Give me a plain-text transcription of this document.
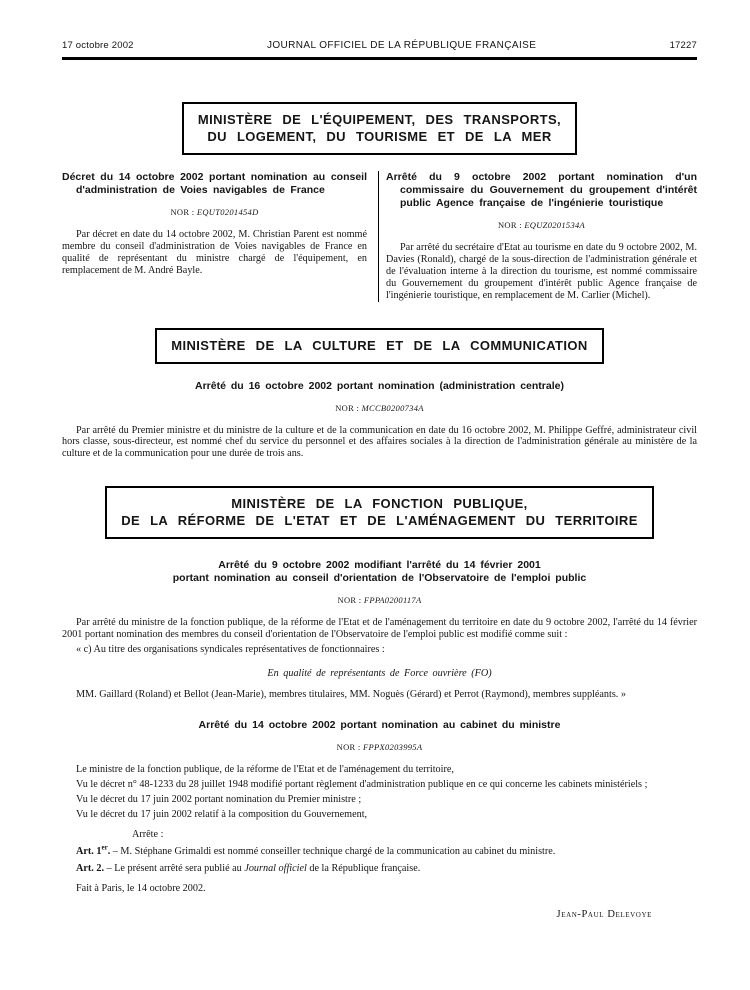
17 octobre 2002	JOURNAL OFFICIEL DE LA RÉPUBLIQUE FRANÇAISE	17227
MINISTÈRE DE L'ÉQUIPEMENT, DES TRANSPORTS,
DU LOGEMENT, DU TOURISME ET DE LA MER

Décret du 14 octobre 2002 portant nomination au conseil d'administration de Voies navigables de France

NOR : EQUT0201454D

Par décret en date du 14 octobre 2002, M. Christian Parent est nommé membre du conseil d'administration de Voies navigables de France en qualité de représentant du ministre chargé de l'équipement, en remplacement de M. André Bayle.

Arrêté du 9 octobre 2002 portant nomination d'un commissaire du Gouvernement du groupement d'intérêt public Agence française de l'ingénierie touristique

NOR : EQUZ0201534A

Par arrêté du secrétaire d'Etat au tourisme en date du 9 octobre 2002, M. Davies (Ronald), chargé de la sous-direction de l'administration générale et de l'évaluation interne à la direction du tourisme, est nommé commissaire du Gouvernement du groupement d'intérêt public Agence française de l'ingénierie touristique, en remplacement de M. Carlier (Michel).

MINISTÈRE DE LA CULTURE ET DE LA COMMUNICATION

Arrêté du 16 octobre 2002 portant nomination (administration centrale)

NOR : MCCB0200734A

Par arrêté du Premier ministre et du ministre de la culture et de la communication en date du 16 octobre 2002, M. Philippe Geffré, administrateur civil hors classe, sous-directeur, est nommé chef du service du personnel et des affaires sociales à la direction de l'administration générale au ministère de la culture et de la communication pour une durée de trois ans.

MINISTÈRE DE LA FONCTION PUBLIQUE,
DE LA RÉFORME DE L'ETAT ET DE L'AMÉNAGEMENT DU TERRITOIRE

Arrêté du 9 octobre 2002 modifiant l'arrêté du 14 février 2001
portant nomination au conseil d'orientation de l'Observatoire de l'emploi public

NOR : FPPA0200117A

Par arrêté du ministre de la fonction publique, de la réforme de l'Etat et de l'aménagement du territoire en date du 9 octobre 2002, l'arrêté du 14 février 2001 portant nomination des membres du conseil d'orientation de l'Observatoire de l'emploi public est modifié comme suit :

« c) Au titre des organisations syndicales représentatives de fonctionnaires :

En qualité de représentants de Force ouvrière (FO)

MM. Gaillard (Roland) et Bellot (Jean-Marie), membres titulaires, MM. Noguès (Gérard) et Perrot (Raymond), membres suppléants. »

Arrêté du 14 octobre 2002 portant nomination au cabinet du ministre

NOR : FPPX0203995A

Le ministre de la fonction publique, de la réforme de l'Etat et de l'aménagement du territoire,

Vu le décret n° 48-1233 du 28 juillet 1948 modifié portant règlement d'administration publique en ce qui concerne les cabinets ministériels ;

Vu le décret du 17 juin 2002 portant nomination du Premier ministre ;

Vu le décret du 17 juin 2002 relatif à la composition du Gouvernement,

Arrête :

Art. 1er. – M. Stéphane Grimaldi est nommé conseiller technique chargé de la communication au cabinet du ministre.

Art. 2. – Le présent arrêté sera publié au Journal officiel de la République française.

Fait à Paris, le 14 octobre 2002.

Jean-Paul Delevoye
